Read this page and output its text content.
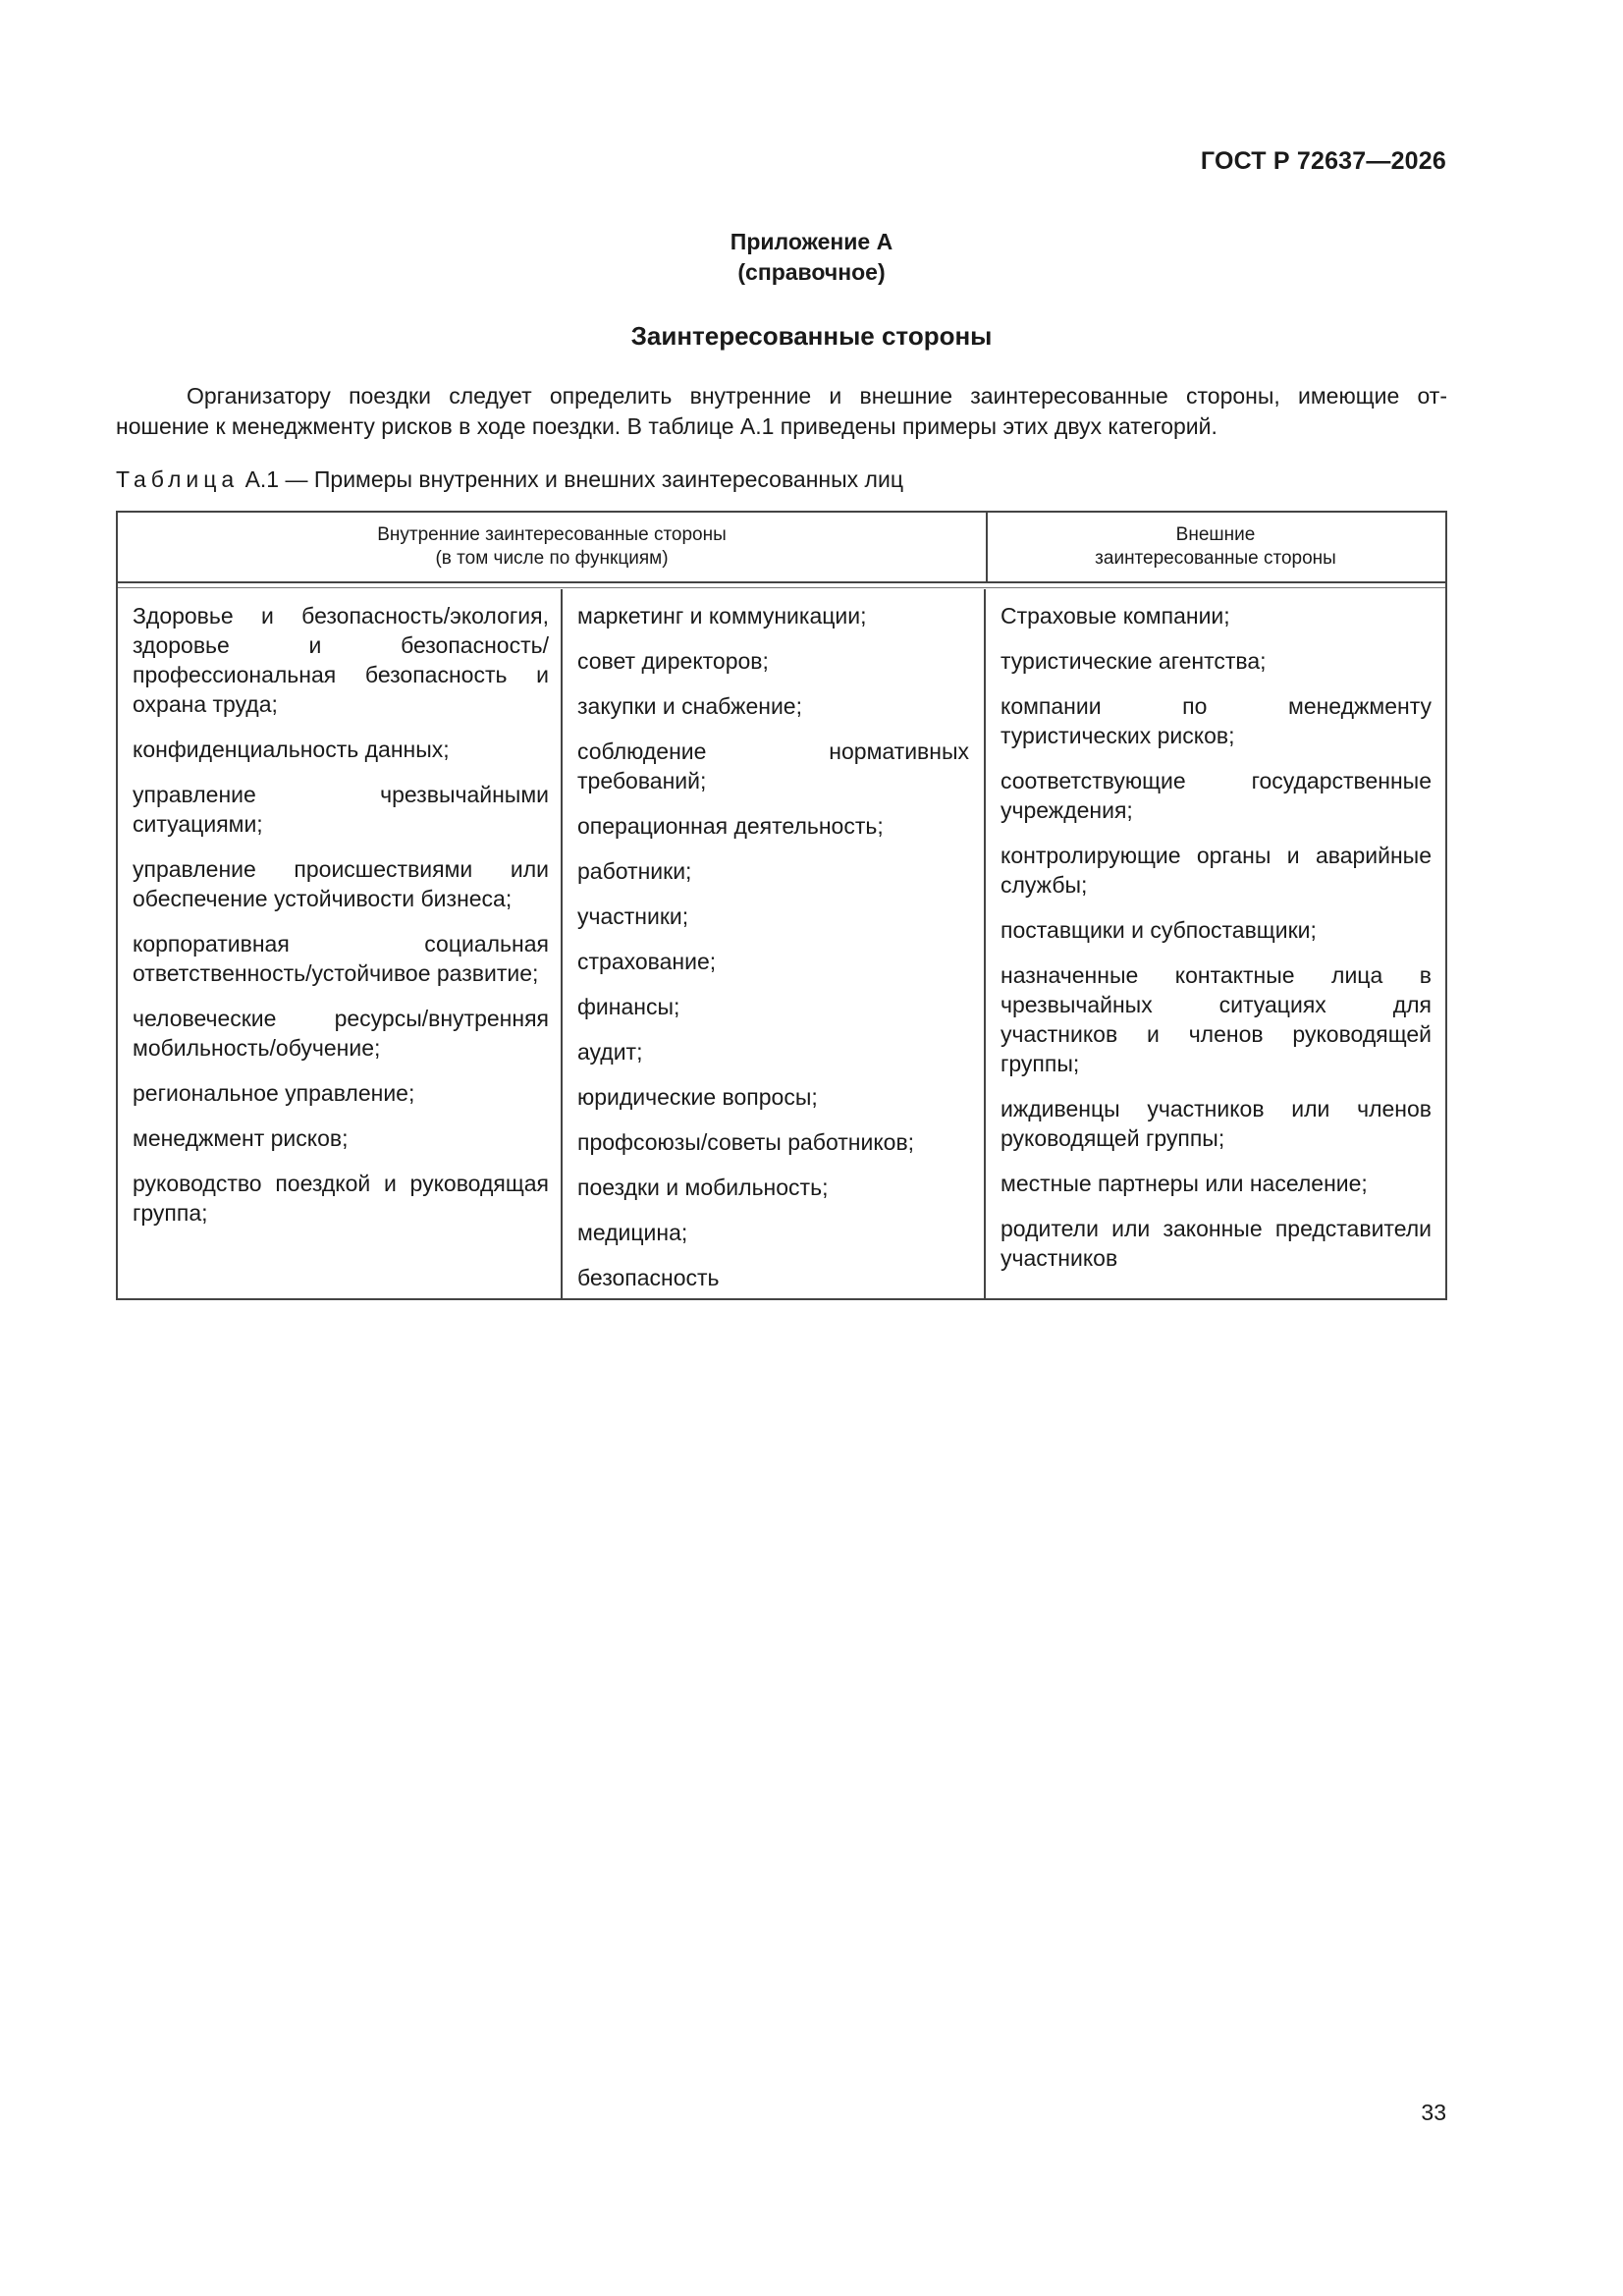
ГОСТ Р 72637—2026
Приложение А
(справочное)
Заинтересованные стороны
Организатору поездки следует определить внутренние и внешние заинтересованные стороны, имеющие от-
ношение к менеджменту рисков в ходе поездки. В таблице А.1 приведены примеры этих двух категорий.
Таблица А.1 — Примеры внутренних и внешних заинтересованных лиц
Внутренние заинтересованные стороны
(в том числе по функциям)
Внешние
заинтересованные стороны
Здоровье и безопасность/экология, здоровье и безопасность/профессиональная безопасность и охрана труда;
конфиденциальность данных;
управление чрезвычайными ситуациями;
управление происшествиями или обеспечение устойчивости бизнеса;
корпоративная социальная ответственность/устойчивое развитие;
человеческие ресурсы/внутренняя мобильность/обучение;
региональное управление;
менеджмент рисков;
руководство поездкой и руководящая группа;
маркетинг и коммуникации;
совет директоров;
закупки и снабжение;
соблюдение нормативных требований;
операционная деятельность;
работники;
участники;
страхование;
финансы;
аудит;
юридические вопросы;
профсоюзы/советы работников;
поездки и мобильность;
медицина;
безопасность
Страховые компании;
туристические агентства;
компании по менеджменту туристических рисков;
соответствующие государственные учреждения;
контролирующие органы и аварийные службы;
поставщики и субпоставщики;
назначенные контактные лица в чрезвычайных ситуациях для участников и членов руководящей группы;
иждивенцы участников или членов руководящей группы;
местные партнеры или население;
родители или законные представители участников
33
